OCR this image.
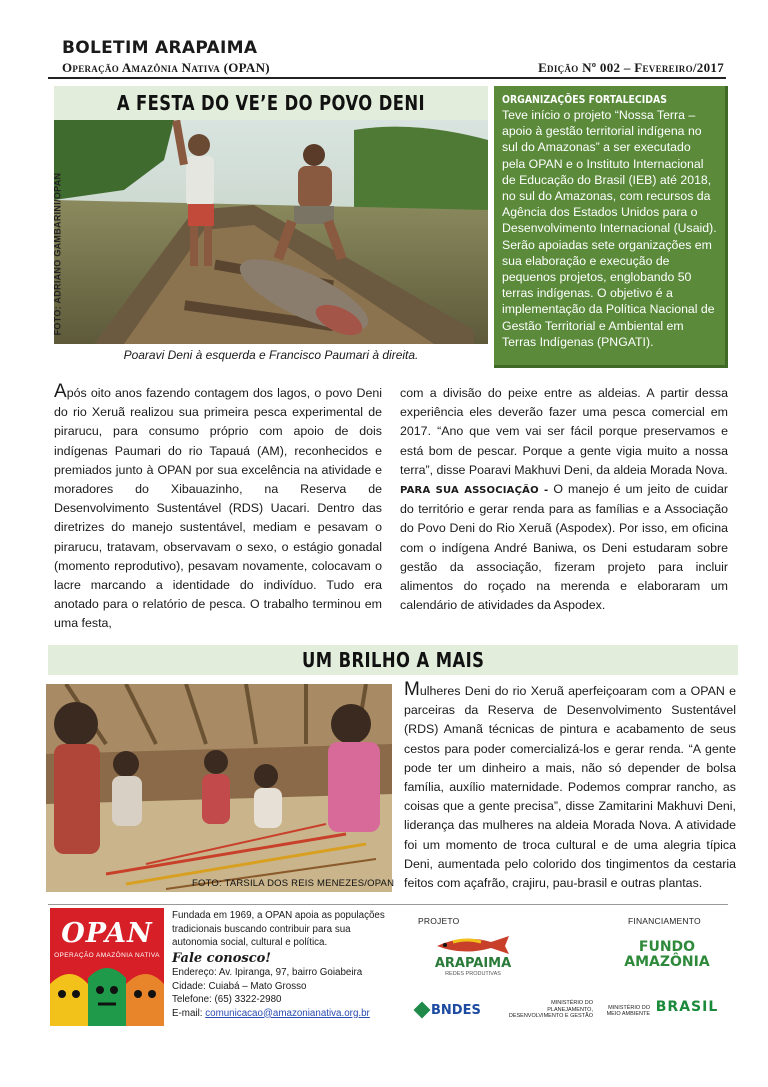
BOLETIM ARAPAIMA
Operação Amazônia Nativa (OPAN)	Edição Nº 002 – Fevereiro/2017
A FESTA DO VE’E DO POVO DENI
FOTO: ADRIANO GAMBARINI/OPAN
Poaravi Deni à esquerda e Francisco Paumari à direita.
ORGANIZAÇÕES FORTALECIDAS
Teve início o projeto “Nossa Terra – apoio à gestão territorial indígena no sul do Amazonas” a ser executado pela OPAN e o Instituto Internacional de Educação do Brasil (IEB) até 2018, no sul do Amazonas, com recursos da Agência dos Estados Unidos para o Desenvolvimento Internacional (Usaid). Serão apoiadas sete organizações em sua elaboração e execução de pequenos projetos, englobando 50 terras indígenas. O objetivo é a implementação da Política Nacional de Gestão Territorial e Ambiental em Terras Indígenas (PNGATI).
Após oito anos fazendo contagem dos lagos, o povo Deni do rio Xeruã realizou sua primeira pesca experimental de pirarucu, para consumo próprio com apoio de dois indígenas Paumari do rio Tapauá (AM), reconhecidos e premiados junto à OPAN por sua excelência na atividade e moradores do Xibauazinho, na Reserva de Desenvolvimento Sustentável (RDS) Uacari. Dentro das diretrizes do manejo sustentável, mediam e pesavam o pirarucu, tratavam, observavam o sexo, o estágio gonadal (momento reprodutivo), pesavam novamente, colocavam o lacre marcando a identidade do indivíduo. Tudo era anotado para o relatório de pesca. O trabalho terminou em uma festa,
com a divisão do peixe entre as aldeias. A partir dessa experiência eles deverão fazer uma pesca comercial em 2017. “Ano que vem vai ser fácil porque preservamos e está bom de pescar. Porque a gente vigia muito a nossa terra”, disse Poaravi Makhuvi Deni, da aldeia Morada Nova.
PARA SUA ASSOCIAÇÃO - O manejo é um jeito de cuidar do território e gerar renda para as famílias e a Associação do Povo Deni do Rio Xeruã (Aspodex). Por isso, em oficina com o indígena André Baniwa, os Deni estudaram sobre gestão da associação, fizeram projeto para incluir alimentos do roçado na merenda e elaboraram um calendário de atividades da Aspodex.
UM BRILHO A MAIS
FOTO: TARSILA DOS REIS MENEZES/OPAN
Mulheres Deni do rio Xeruã aperfeiçoaram com a OPAN e parceiras da Reserva de Desenvolvimento Sustentável (RDS) Amanã técnicas de pintura e acabamento de seus cestos para poder comercializá-los e gerar renda. “A gente pode ter um dinheiro a mais, não só depender de bolsa família, auxílio maternidade. Podemos comprar rancho, as coisas que a gente precisa”, disse Zamitarini Makhuvi Deni, liderança das mulheres na aldeia Morada Nova. A atividade foi um momento de troca cultural e de uma alegria típica Deni, aumentada pelo colorido dos tingimentos da cestaria feitos com açafrão, crajiru, pau-brasil e outras plantas.
OPAN
OPERAÇÃO AMAZÔNIA NATIVA
Fundada em 1969, a OPAN apoia as populações tradicionais buscando contribuir para sua autonomia social, cultural e política.
Fale conosco!
Endereço: Av. Ipiranga, 97, bairro Goiabeira
Cidade: Cuiabá – Mato Grosso
Telefone: (65) 3322-2980
E-mail: comunicacao@amazonianativa.org.br
PROJETO	FINANCIAMENTO
ARAPAIMA
REDES PRODUTIVAS
FUNDO
AMAZÔNIA
BNDES	MINISTÉRIO DO PLANEJAMENTO, DESENVOLVIMENTO E GESTÃO
MINISTÉRIO DO MEIO AMBIENTE BRASIL
